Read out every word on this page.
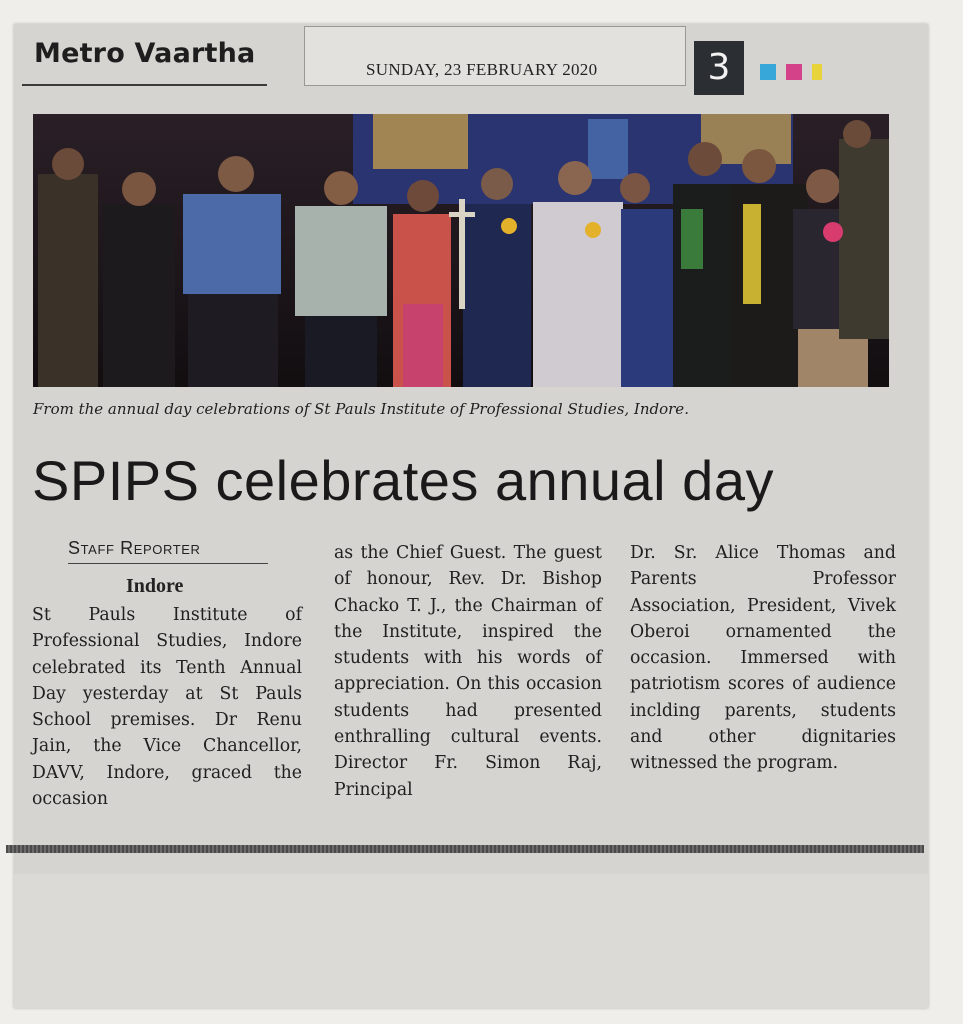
Metro Vaartha
SUNDAY, 23 FEBRUARY 2020	3
From the annual day celebrations of St Pauls Institute of Professional Studies, Indore.
SPIPS celebrates annual day
Staff Reporter
Indore

St Pauls Institute of Professional Studies, Indore celebrated its Tenth Annual Day yesterday at St Pauls School premises. Dr Renu Jain, the Vice Chancellor, DAVV, Indore, graced the occasion

as the Chief Guest. The guest of honour, Rev. Dr. Bishop Chacko T. J., the Chairman of the Institute, inspired the students with his words of appreciation. On this occasion students had presented enthralling cultural events. Director Fr. Simon Raj, Principal

Dr. Sr. Alice Thomas and Parents Professor Association, President, Vivek Oberoi ornamented the occasion. Immersed with patriotism scores of audience inclding parents, students and other dignitaries witnessed the program.
